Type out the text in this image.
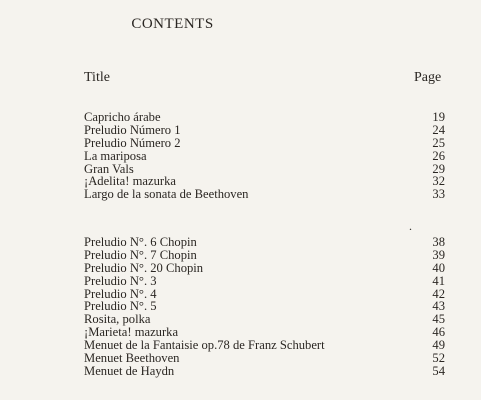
CONTENTS
Title	Page
Capricho árabe	19
Preludio Número 1	24
Preludio Número 2	25
La mariposa	26
Gran Vals	29
¡Adelita! mazurka	32
Largo de la sonata de Beethoven	33
Preludio N°. 6 Chopin	38
Preludio N°. 7 Chopin	39
Preludio N°. 20 Chopin	40
Preludio N°. 3	41
Preludio N°. 4	42
Preludio N°. 5	43
Rosita, polka	45
¡Marieta! mazurka	46
Menuet de la Fantaisie op.78 de Franz Schubert	49
Menuet Beethoven	52
Menuet de Haydn	54
.
